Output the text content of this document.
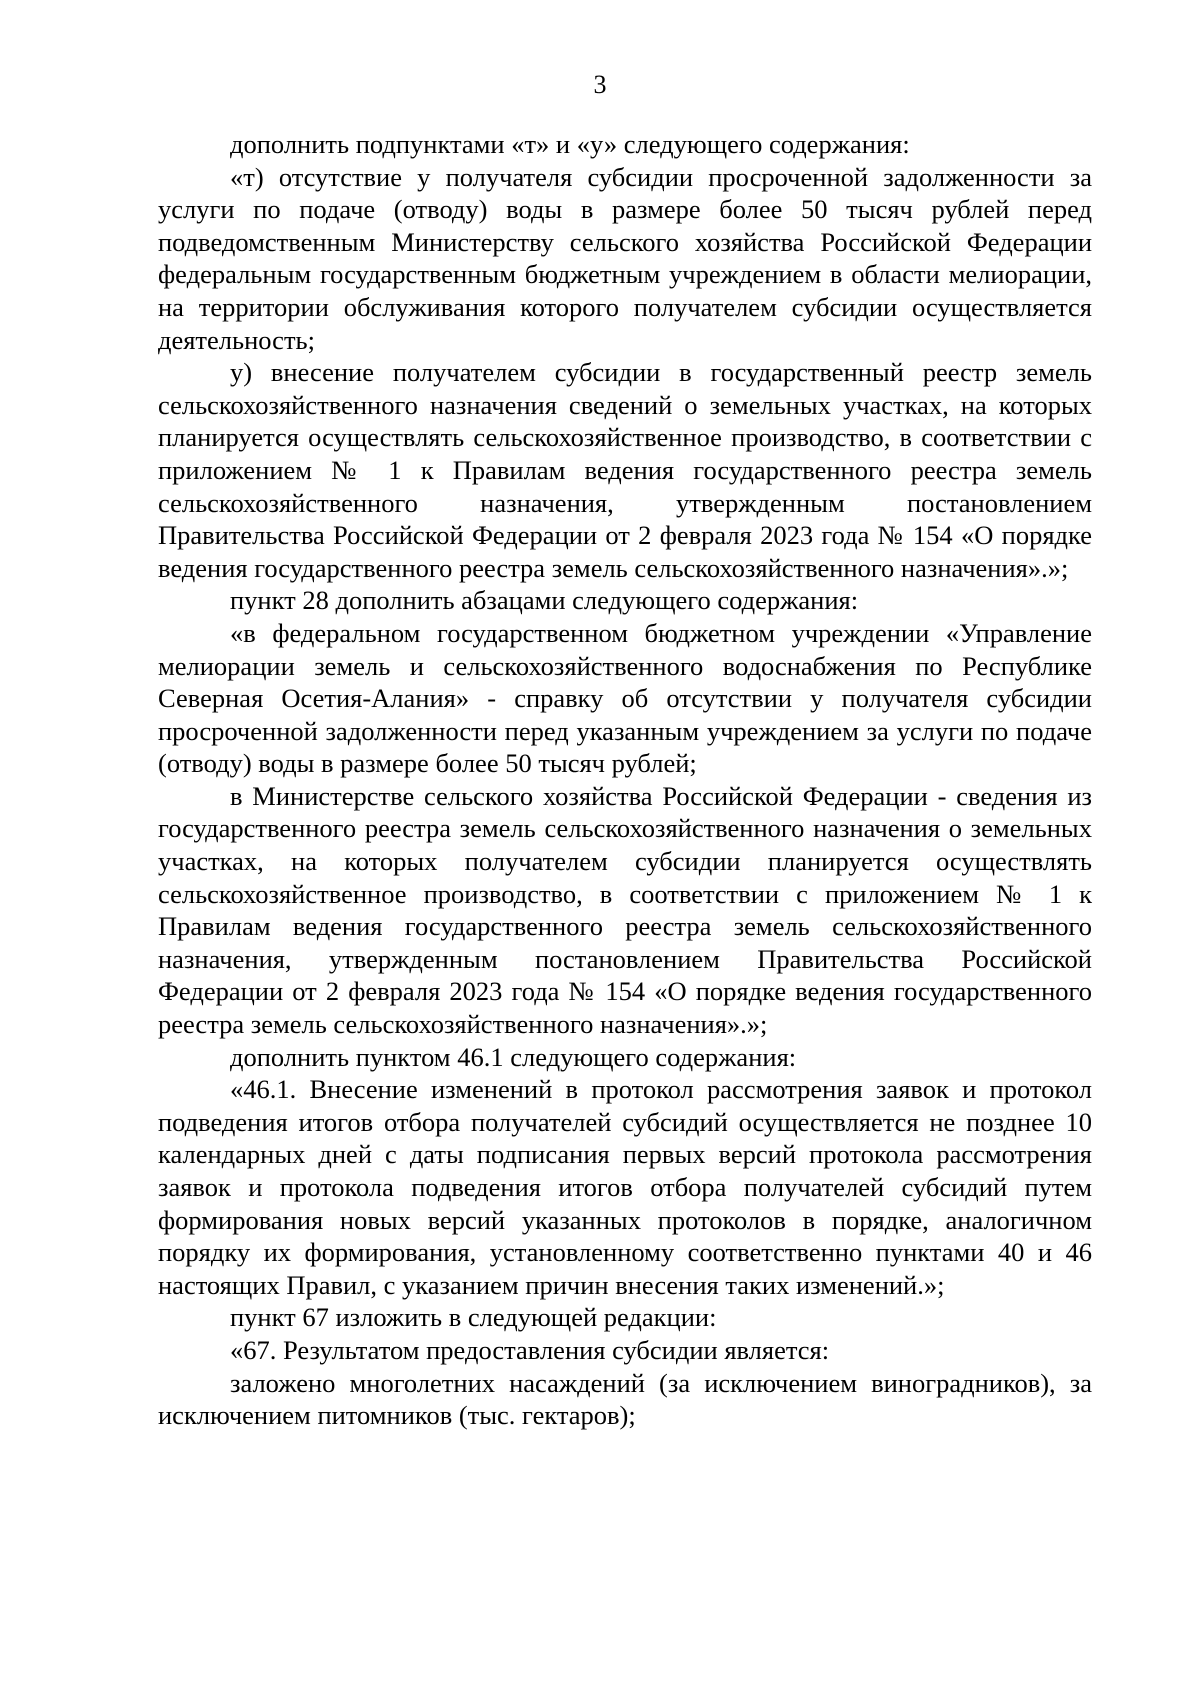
3

дополнить подпунктами «т» и «у» следующего содержания:

«т) отсутствие у получателя субсидии просроченной задолженности за услуги по подаче (отводу) воды в размере более 50 тысяч рублей перед подведомственным Министерству сельского хозяйства Российской Федерации федеральным государственным бюджетным учреждением в области мелиорации, на территории обслуживания которого получателем субсидии осуществляется деятельность;

у) внесение получателем субсидии в государственный реестр земель сельскохозяйственного назначения сведений о земельных участках, на которых планируется осуществлять сельскохозяйственное производство, в соответствии с приложением № 1 к Правилам ведения государственного реестра земель сельскохозяйственного назначения, утвержденным постановлением Правительства Российской Федерации от 2 февраля 2023 года № 154 «О порядке ведения государственного реестра земель сельскохозяйственного назначения».»;

пункт 28 дополнить абзацами следующего содержания:

«в федеральном государственном бюджетном учреждении «Управление мелиорации земель и сельскохозяйственного водоснабжения по Республике Северная Осетия-Алания» - справку об отсутствии у получателя субсидии просроченной задолженности перед указанным учреждением за услуги по подаче (отводу) воды в размере более 50 тысяч рублей;

в Министерстве сельского хозяйства Российской Федерации - сведения из государственного реестра земель сельскохозяйственного назначения о земельных участках, на которых получателем субсидии планируется осуществлять сельскохозяйственное производство, в соответствии с приложением № 1 к Правилам ведения государственного реестра земель сельскохозяйственного назначения, утвержденным постановлением Правительства Российской Федерации от 2 февраля 2023 года № 154 «О порядке ведения государственного реестра земель сельскохозяйственного назначения».»;

дополнить пунктом 46.1 следующего содержания:

«46.1. Внесение изменений в протокол рассмотрения заявок и протокол подведения итогов отбора получателей субсидий осуществляется не позднее 10 календарных дней с даты подписания первых версий протокола рассмотрения заявок и протокола подведения итогов отбора получателей субсидий путем формирования новых версий указанных протоколов в порядке, аналогичном порядку их формирования, установленному соответственно пунктами 40 и 46 настоящих Правил, с указанием причин внесения таких изменений.»;

пункт 67 изложить в следующей редакции:

«67. Результатом предоставления субсидии является:

заложено многолетних насаждений (за исключением виноградников), за исключением питомников (тыс. гектаров);
